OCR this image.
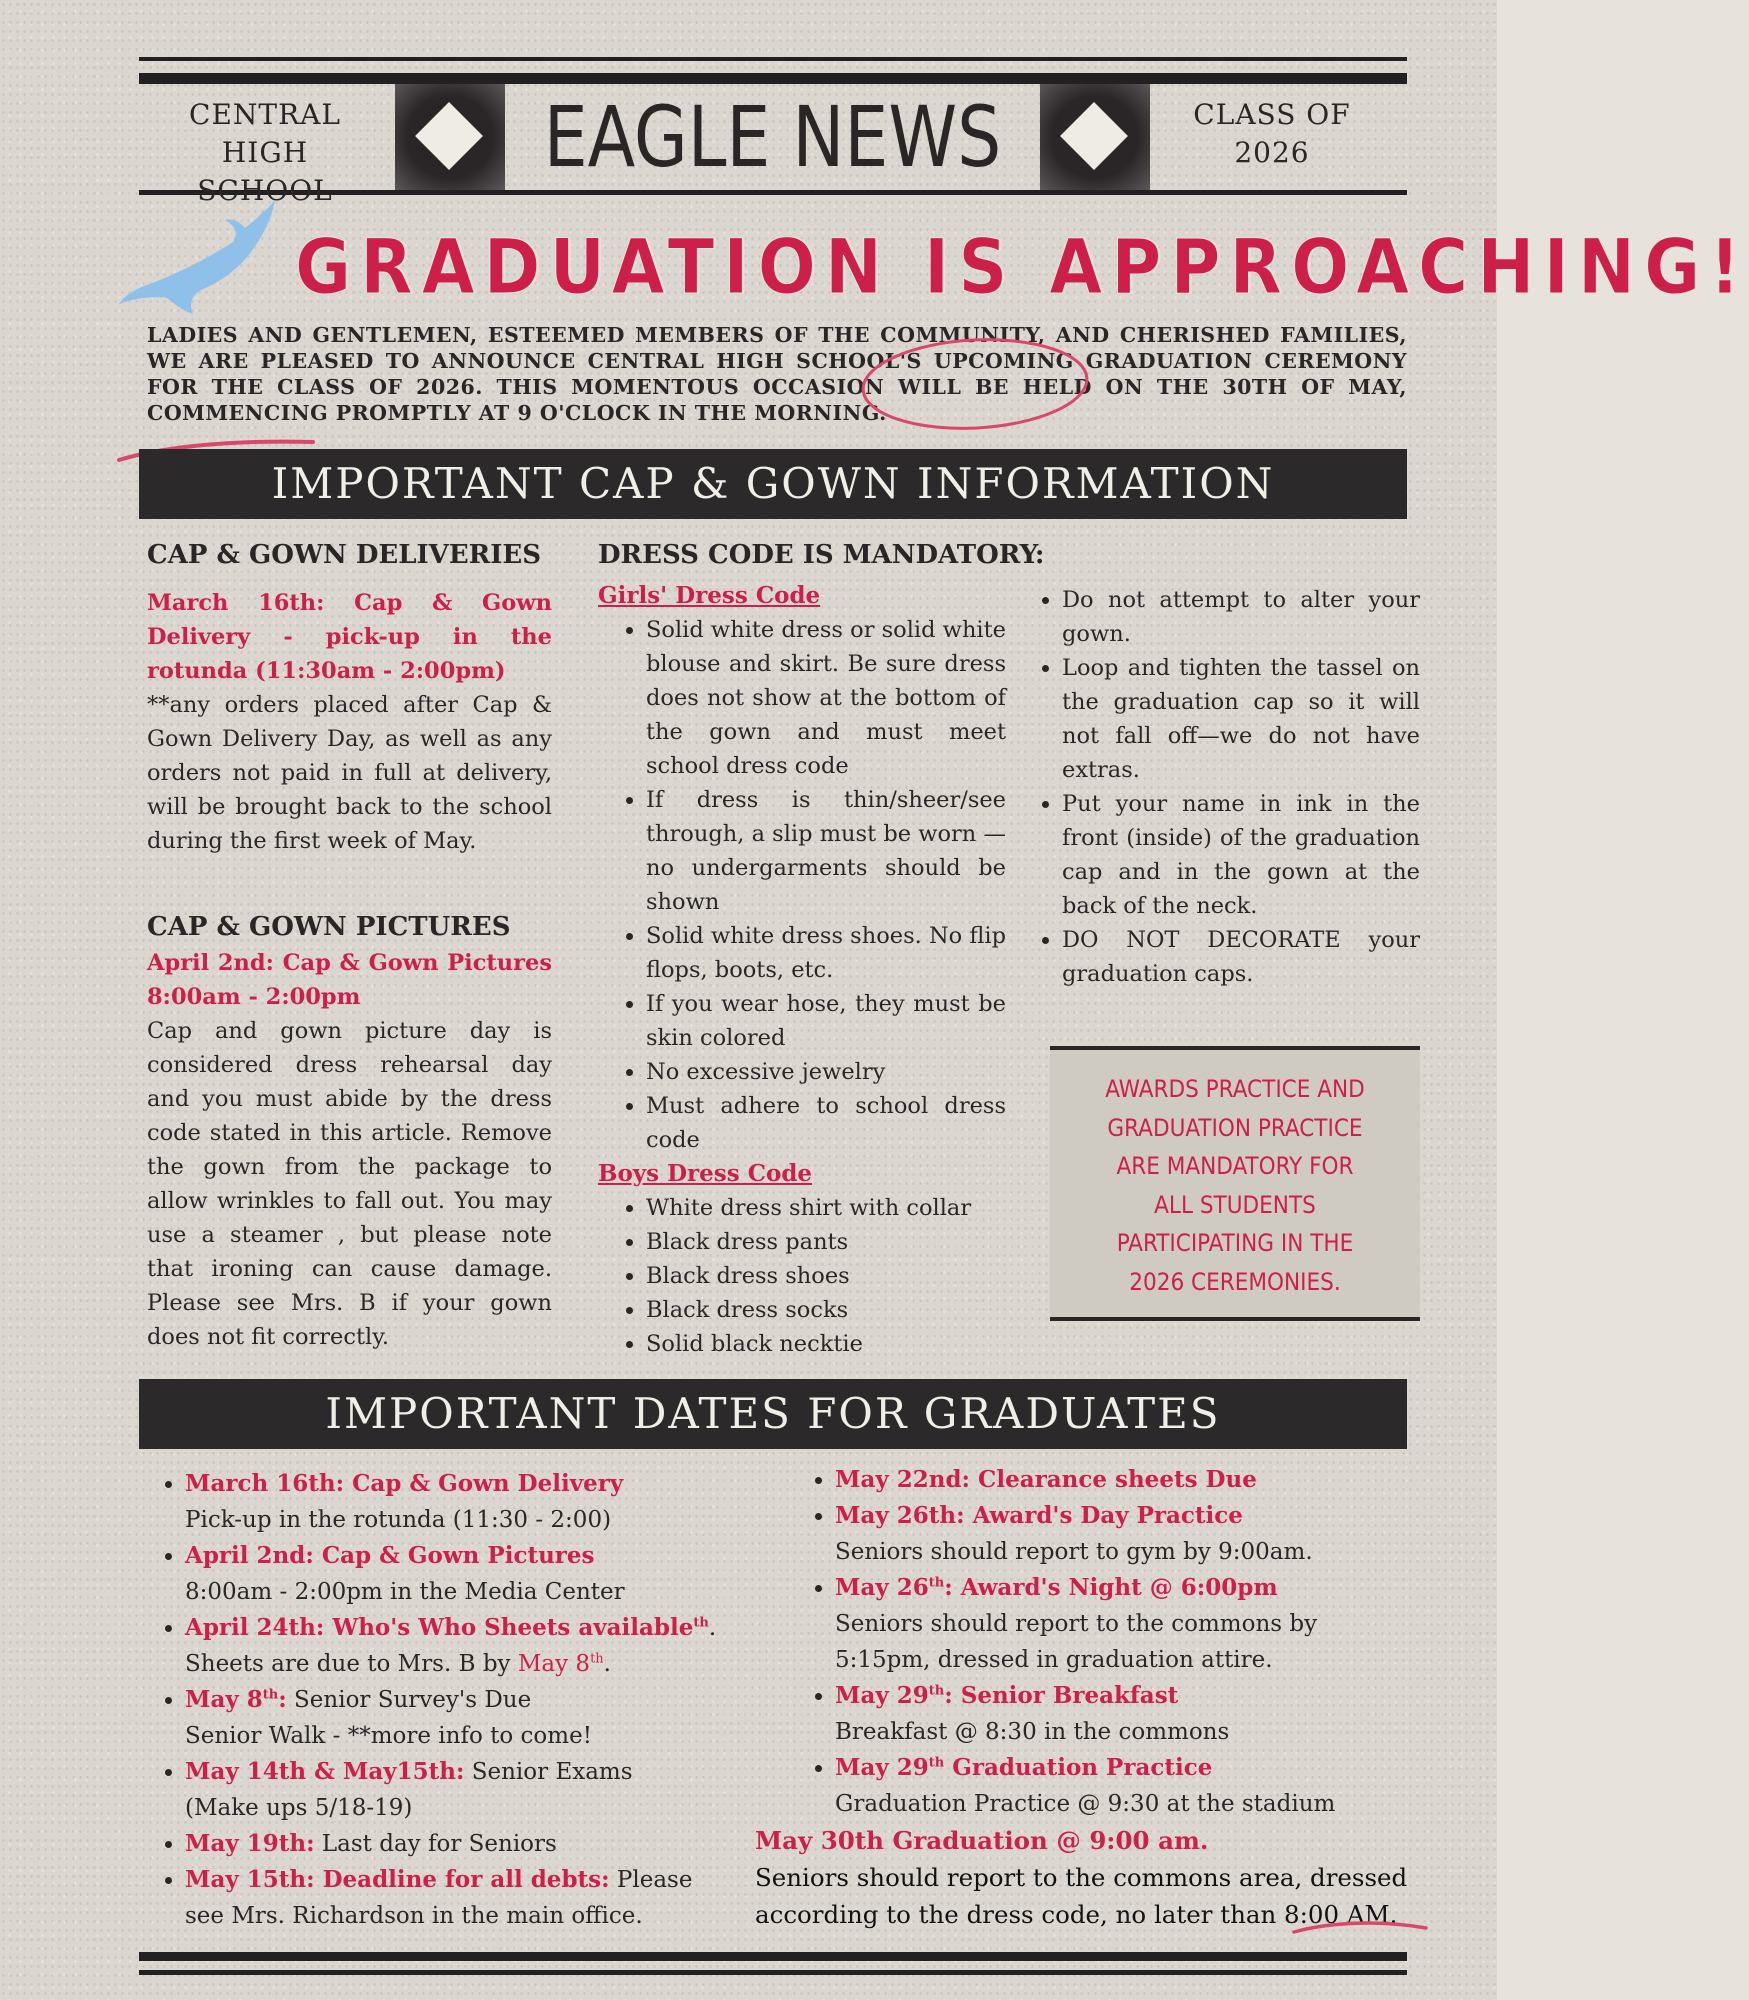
CENTRAL HIGH SCHOOL
EAGLE NEWS	CLASS OF 2026
GRADUATION IS APPROACHING!
LADIES AND GENTLEMEN, ESTEEMED MEMBERS OF THE COMMUNITY, AND CHERISHED FAMILIES, WE ARE PLEASED TO ANNOUNCE CENTRAL HIGH SCHOOL'S UPCOMING GRADUATION CEREMONY FOR THE CLASS OF 2026. THIS MOMENTOUS OCCASION WILL BE HELD ON THE 30TH OF MAY, COMMENCING PROMPTLY AT 9 O'CLOCK IN THE MORNING.
IMPORTANT CAP & GOWN INFORMATION
CAP & GOWN DELIVERIES
March 16th: Cap & Gown Delivery - pick-up in the rotunda (11:30am - 2:00pm)
**any orders placed after Cap & Gown Delivery Day, as well as any orders not paid in full at delivery, will be brought back to the school during the first week of May.
CAP & GOWN PICTURES
April 2nd: Cap & Gown Pictures 8:00am - 2:00pm
Cap and gown picture day is considered dress rehearsal day and you must abide by the dress code stated in this article. Remove the gown from the package to allow wrinkles to fall out. You may use a steamer , but please note that ironing can cause damage. Please see Mrs. B if your gown does not fit correctly.
DRESS CODE IS MANDATORY:
Girls' Dress Code
• Solid white dress or solid white blouse and skirt. Be sure dress does not show at the bottom of the gown and must meet school dress code
• If dress is thin/sheer/see through, a slip must be worn —no undergarments should be shown
• Solid white dress shoes. No flip flops, boots, etc.
• If you wear hose, they must be skin colored
• No excessive jewelry
• Must adhere to school dress code
Boys Dress Code
• White dress shirt with collar
• Black dress pants
• Black dress shoes
• Black dress socks
• Solid black necktie
• Do not attempt to alter your gown.
• Loop and tighten the tassel on the graduation cap so it will not fall off—we do not have extras.
• Put your name in ink in the front (inside) of the graduation cap and in the gown at the back of the neck.
• DO NOT DECORATE your graduation caps.
AWARDS PRACTICE AND
GRADUATION PRACTICE
ARE MANDATORY FOR
ALL STUDENTS
PARTICIPATING IN THE
2026 CEREMONIES.
IMPORTANT DATES FOR GRADUATES
• March 16th: Cap & Gown Delivery
Pick-up in the rotunda (11:30 - 2:00)
• April 2nd: Cap & Gown Pictures
8:00am - 2:00pm in the Media Center
• April 24th: Who's Who Sheets available$^{th}$.
Sheets are due to Mrs. B by May 8th.
• May 8th: Senior Survey's Due
Senior Walk - **more info to come!
• May 14th & May15th: Senior Exams
(Make ups 5/18-19)
• May 19th: Last day for Seniors
• May 15th: Deadline for all debts: Please see Mrs. Richardson in the main office.
• May 22nd: Clearance sheets Due
• May 26th: Award's Day Practice
Seniors should report to gym by 9:00am.
• May 26th: Award's Night @ 6:00pm
Seniors should report to the commons by 5:15pm, dressed in graduation attire.
• May 29th: Senior Breakfast
Breakfast @ 8:30 in the commons
• May 29th Graduation Practice
Graduation Practice @ 9:30 at the stadium
May 30th Graduation @ 9:00 am.
Seniors should report to the commons area, dressed according to the dress code, no later than 8:00 AM.
